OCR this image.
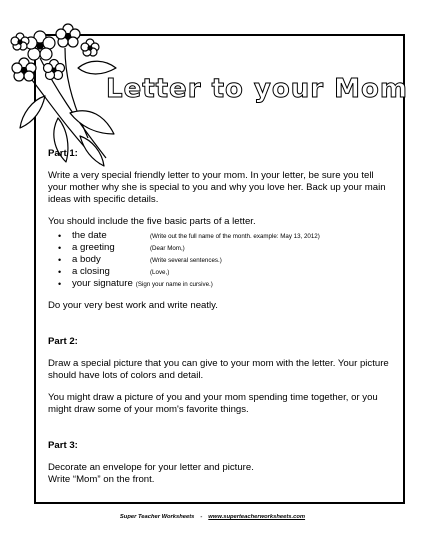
Letter to your Mom

Part 1:

Write a very special friendly letter to your mom. In your letter, be sure you tell your mother why she is special to you and why you love her. Back up your main ideas with specific details.

You should include the five basic parts of a letter.

• the date	(Write out the full name of the month. example: May 13, 2012)
• a greeting	(Dear Mom,)
• a body	(Write several sentences.)
• a closing	(Love,)
• your signature (Sign your name in cursive.)

Do your very best work and write neatly.

Part 2:

Draw a special picture that you can give to your mom with the letter. Your picture should have lots of colors and detail.

You might draw a picture of you and your mom spending time together, or you might draw some of your mom's favorite things.

Part 3:

Decorate an envelope for your letter and picture.

Write “Mom” on the front.

Super Teacher Worksheets - www.superteacherworksheets.com
